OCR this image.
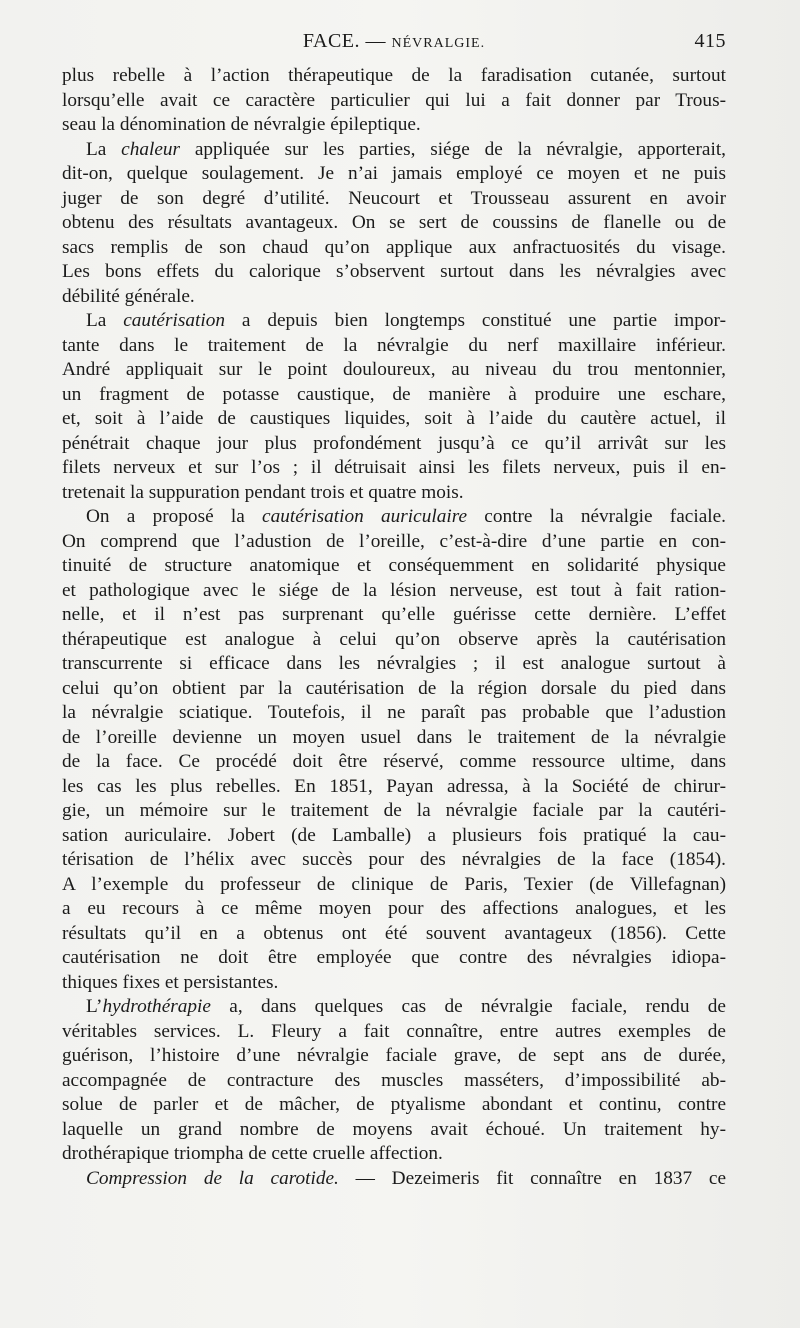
FACE. — NÉVRALGIE.	415
plus rebelle à l’action thérapeutique de la faradisation cutanée, surtout
lorsqu’elle avait ce caractère particulier qui lui a fait donner par Trous-
seau la dénomination de névralgie épileptique.
La chaleur appliquée sur les parties, siége de la névralgie, apporterait,
dit-on, quelque soulagement. Je n’ai jamais employé ce moyen et ne puis
juger de son degré d’utilité. Neucourt et Trousseau assurent en avoir
obtenu des résultats avantageux. On se sert de coussins de flanelle ou de
sacs remplis de son chaud qu’on applique aux anfractuosités du visage.
Les bons effets du calorique s’observent surtout dans les névralgies avec
débilité générale.
La cautérisation a depuis bien longtemps constitué une partie impor-
tante dans le traitement de la névralgie du nerf maxillaire inférieur.
André appliquait sur le point douloureux, au niveau du trou mentonnier,
un fragment de potasse caustique, de manière à produire une eschare,
et, soit à l’aide de caustiques liquides, soit à l’aide du cautère actuel, il
pénétrait chaque jour plus profondément jusqu’à ce qu’il arrivât sur les
filets nerveux et sur l’os ; il détruisait ainsi les filets nerveux, puis il en-
tretenait la suppuration pendant trois et quatre mois.
On a proposé la cautérisation auriculaire contre la névralgie faciale.
On comprend que l’adustion de l’oreille, c’est-à-dire d’une partie en con-
tinuité de structure anatomique et conséquemment en solidarité physique
et pathologique avec le siége de la lésion nerveuse, est tout à fait ration-
nelle, et il n’est pas surprenant qu’elle guérisse cette dernière. L’effet
thérapeutique est analogue à celui qu’on observe après la cautérisation
transcurrente si efficace dans les névralgies ; il est analogue surtout à
celui qu’on obtient par la cautérisation de la région dorsale du pied dans
la névralgie sciatique. Toutefois, il ne paraît pas probable que l’adustion
de l’oreille devienne un moyen usuel dans le traitement de la névralgie
de la face. Ce procédé doit être réservé, comme ressource ultime, dans
les cas les plus rebelles. En 1851, Payan adressa, à la Société de chirur-
gie, un mémoire sur le traitement de la névralgie faciale par la cautéri-
sation auriculaire. Jobert (de Lamballe) a plusieurs fois pratiqué la cau-
térisation de l’hélix avec succès pour des névralgies de la face (1854).
A l’exemple du professeur de clinique de Paris, Texier (de Villefagnan)
a eu recours à ce même moyen pour des affections analogues, et les
résultats qu’il en a obtenus ont été souvent avantageux (1856). Cette
cautérisation ne doit être employée que contre des névralgies idiopa-
thiques fixes et persistantes.
L’hydrothérapie a, dans quelques cas de névralgie faciale, rendu de
véritables services. L. Fleury a fait connaître, entre autres exemples de
guérison, l’histoire d’une névralgie faciale grave, de sept ans de durée,
accompagnée de contracture des muscles masséters, d’impossibilité ab-
solue de parler et de mâcher, de ptyalisme abondant et continu, contre
laquelle un grand nombre de moyens avait échoué. Un traitement hy-
drothérapique triompha de cette cruelle affection.
Compression de la carotide. — Dezeimeris fit connaître en 1837 ce
